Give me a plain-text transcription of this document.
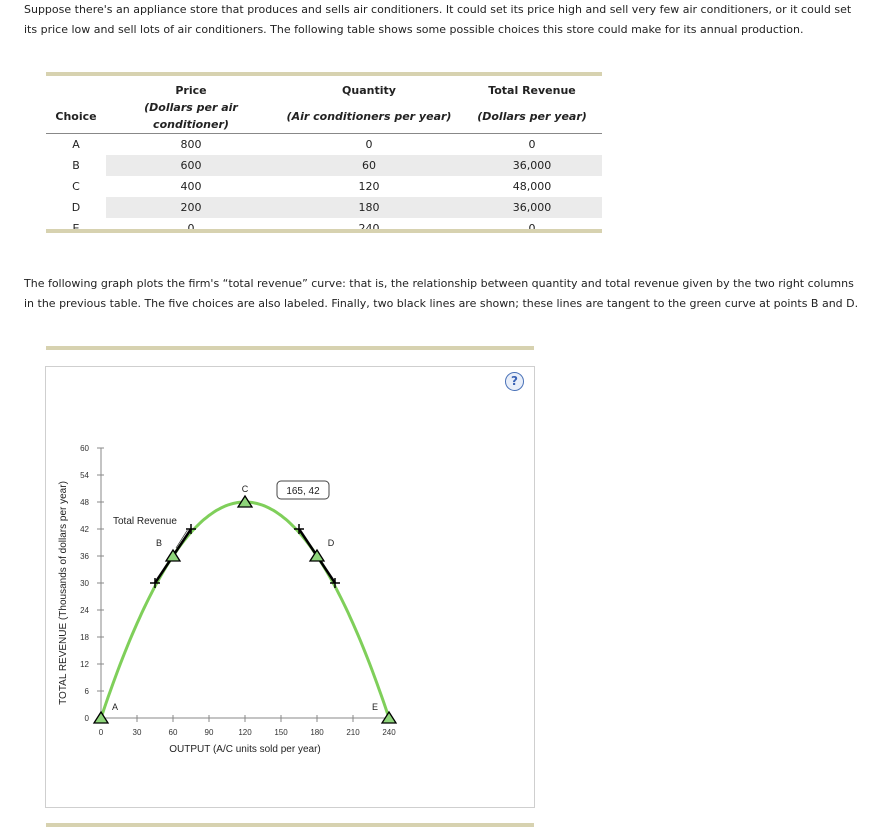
Suppose there's an appliance store that produces and sells air conditioners. It could set its price high and sell very few air conditioners, or it could set its price low and sell lots of air conditioners. The following table shows some possible choices this store could make for its annual production.
	Price	Quantity	Total Revenue
Choice	(Dollars per air conditioner)	(Air conditioners per year)	(Dollars per year)

A	800	0	0
B	600	60	36,000
C	400	120	48,000
D	200	180	36,000

The following graph plots the firm's “total revenue” curve: that is, the relationship between quantity and total revenue given by the two right columns in the previous table. The five choices are also labeled. Finally, two black lines are shown; these lines are tangent to the green curve at points B and D.
?
0
6
12
18
24
30
36
42
48
54
60
0	30	60	90	120	150	180	210	240
OUTPUT (A/C units sold per year)
TOTAL REVENUE (Thousands of dollars per year)	Total Revenue
A
B
C
D
E
165, 42
